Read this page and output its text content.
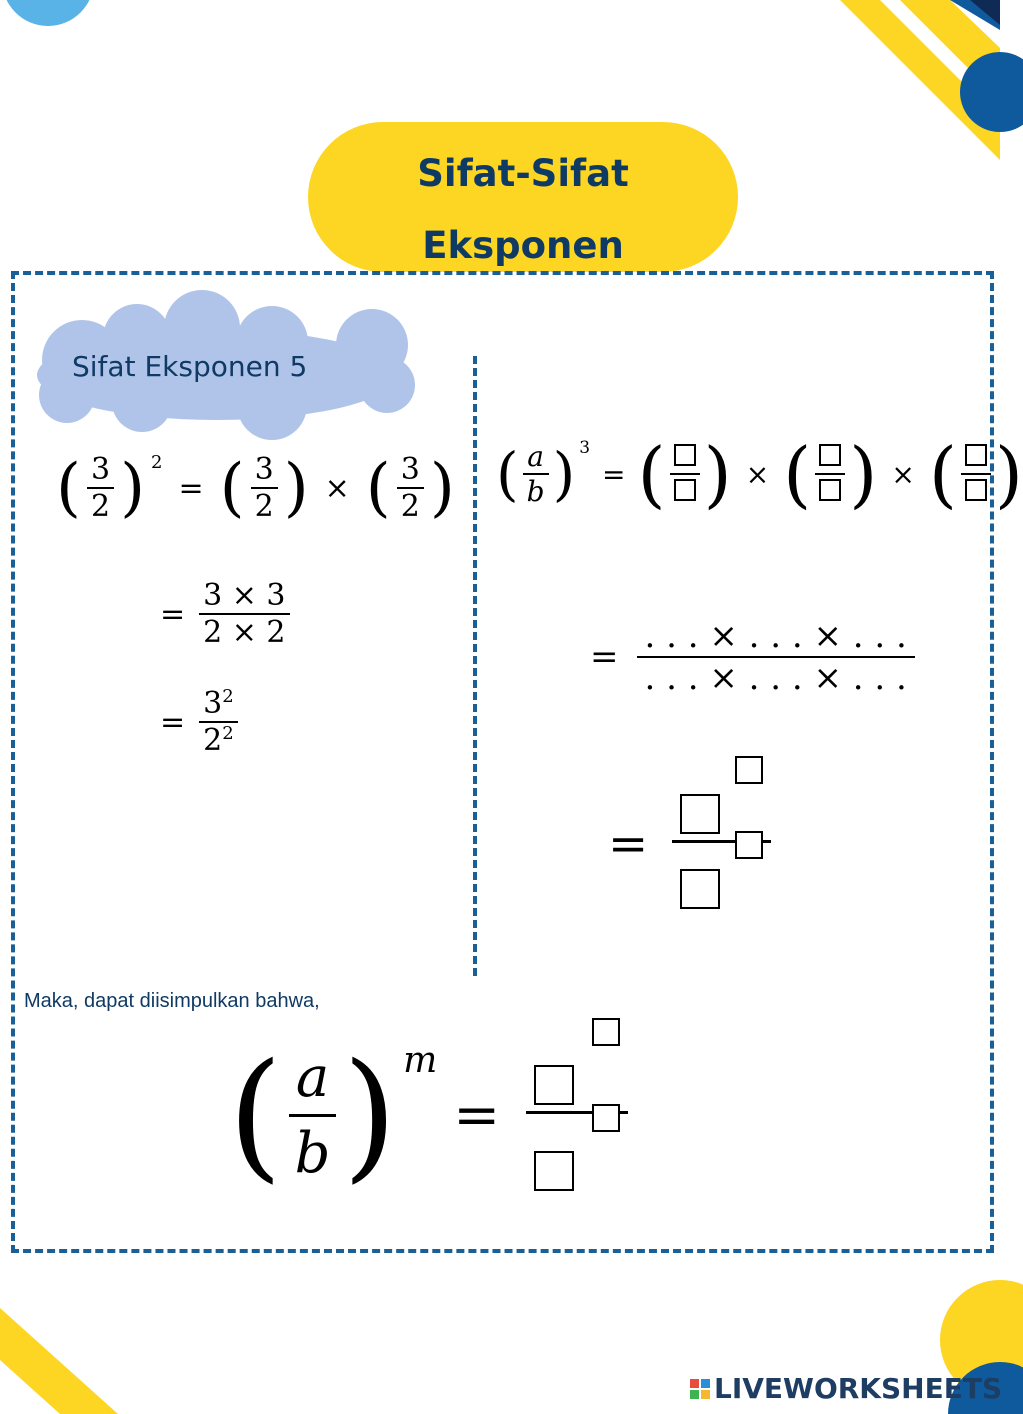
Sifat-Sifat
Eksponen
Sifat Eksponen 5
( $\frac{3}{2}$ ) 2
= ( $\frac{3}{2}$ ) × ( $\frac{3}{2}$ )
= $\frac{3 \times 3}{2 \times 2}$
= $\frac{3^2}{2^2}$
( $\frac{a}{b}$ ) 3
= ( ) × ( ) × ( )
= $\frac{. . . \times . . . \times . . .}{. . . \times . . . \times . . .}$
=

Maka, dapat diisimpulkan bahwa,
( $\frac{a}{b}$ ) m
=

LIVEWORKSHEETS
